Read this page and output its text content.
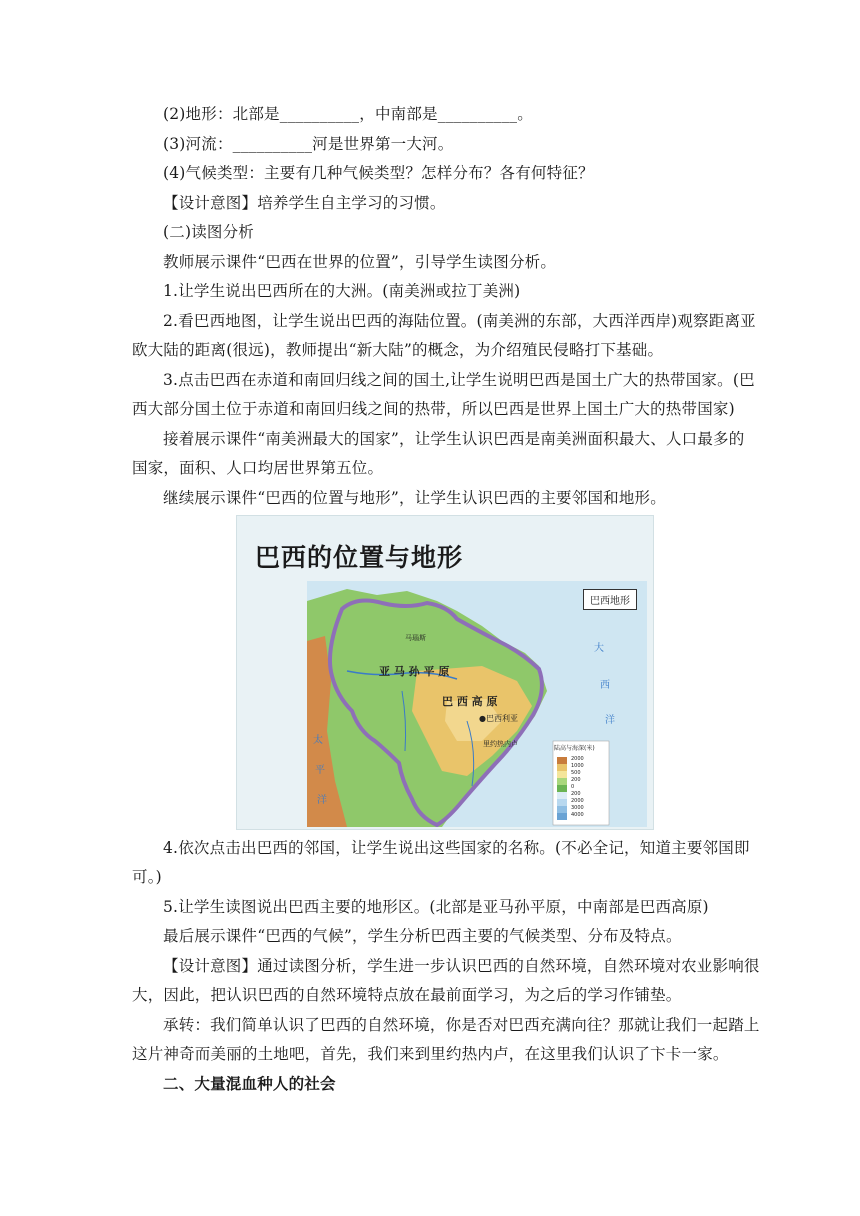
(2)地形：北部是__________，中南部是__________。
(3)河流：__________河是世界第一大河。
(4)气候类型：主要有几种气候类型？怎样分布？各有何特征？
【设计意图】培养学生自主学习的习惯。
(二)读图分析
教师展示课件“巴西在世界的位置”，引导学生读图分析。
1.让学生说出巴西所在的大洲。(南美洲或拉丁美洲)
2.看巴西地图，让学生说出巴西的海陆位置。(南美洲的东部，大西洋西岸)观察距离亚
欧大陆的距离(很远)，教师提出“新大陆”的概念，为介绍殖民侵略打下基础。
3.点击巴西在赤道和南回归线之间的国土,让学生说明巴西是国土广大的热带国家。(巴
西大部分国土位于赤道和南回归线之间的热带，所以巴西是世界上国土广大的热带国家)
接着展示课件“南美洲最大的国家”，让学生认识巴西是南美洲面积最大、人口最多的
国家，面积、人口均居世界第五位。
继续展示课件“巴西的位置与地形”，让学生认识巴西的主要邻国和地形。
巴西的位置与地形
巴西地形
亚 马 孙 平 原
巴 西 高 原
●巴西利亚
马瑙斯
里约热内卢
陆高与海深(米)
2000
1000
500
200
0
200
2000
3000
4000
大
西
洋
太
平
洋
4.依次点击出巴西的邻国，让学生说出这些国家的名称。(不必全记，知道主要邻国即
可。)
5.让学生读图说出巴西主要的地形区。(北部是亚马孙平原，中南部是巴西高原)
最后展示课件“巴西的气候”，学生分析巴西主要的气候类型、分布及特点。
【设计意图】通过读图分析，学生进一步认识巴西的自然环境，自然环境对农业影响很
大，因此，把认识巴西的自然环境特点放在最前面学习，为之后的学习作铺垫。
承转：我们简单认识了巴西的自然环境，你是否对巴西充满向往？那就让我们一起踏上
这片神奇而美丽的土地吧，首先，我们来到里约热内卢，在这里我们认识了卞卡一家。
二、大量混血种人的社会
